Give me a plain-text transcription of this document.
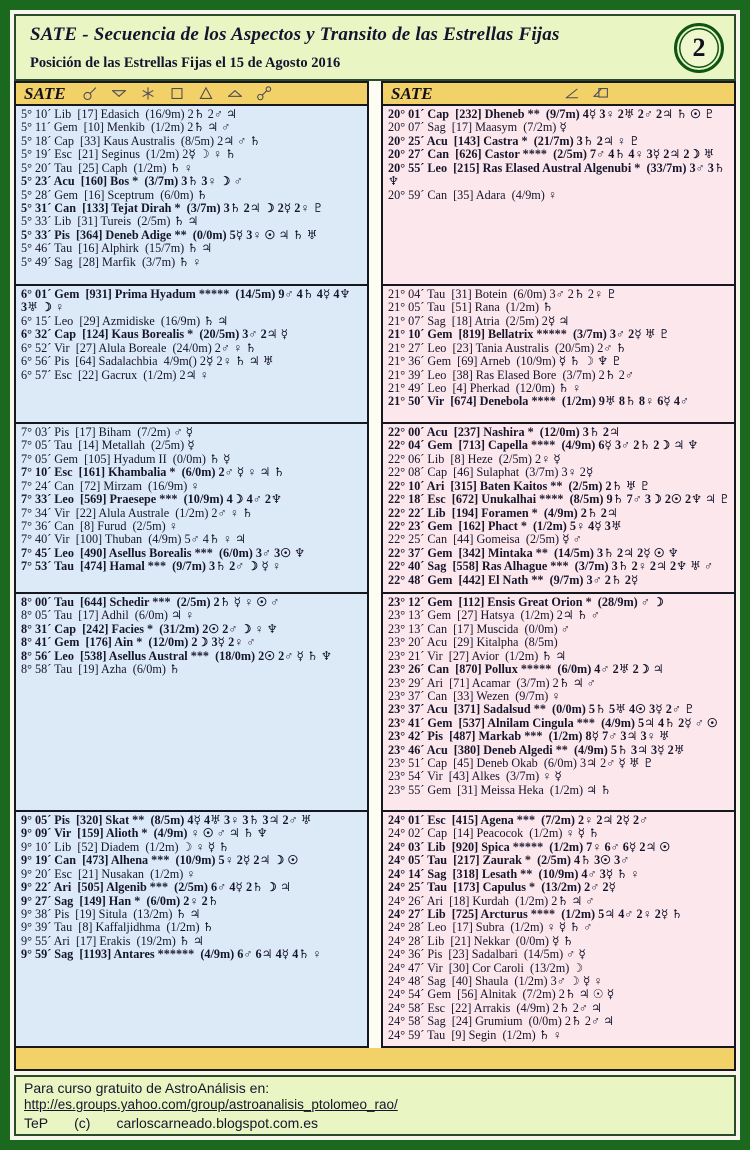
SATE - Secuencia de los Aspectos y Transito de las Estrellas Fijas
Posición de las Estrellas Fijas el 15 de Agosto 2016
2
SATE	SATE
5° 10´ Lib  [17] Edasich  (16/9m) 2♄ 2♂ ♃
5° 11´ Gem  [10] Menkib  (1/2m) 2♄ ♃ ♂
5° 18´ Cap  [33] Kaus Australis  (8/5m) 2♃ ♂ ♄
5° 19´ Esc  [21] Seginus  (1/2m) 2☿ ☽ ♀ ♄
5° 20´ Tau  [25] Caph  (1/2m) ♄ ♀
5° 23´ Acu  [160] Bos *  (3/7m) 3♄ 3♀ ☽ ♂
5° 28´ Gem  [16] Sceptrum  (6/0m) ♄
5° 31´ Can  [133] Tejat Dirah *  (3/7m) 3♄ 2♃ ☽ 2☿ 2♀ ♇
5° 33´ Lib  [31] Tureis  (2/5m) ♄ ♃
5° 33´ Pis  [364] Deneb Adige **  (0/0m) 5☿ 3♀ ☉ ♃ ♄ ♅
5° 46´ Tau  [16] Alphirk  (15/7m) ♄ ♃
5° 49´ Sag  [28] Marfik  (3/7m) ♄ ♀
20° 01´ Cap  [232] Dheneb **  (9/7m) 4☿ 3♀ 2♅ 2♂ 2♃ ♄ ☉ ♇
20° 07´ Sag  [17] Maasym  (7/2m) ☿
20° 25´ Acu  [143] Castra *  (21/7m) 3♄ 2♃ ♀ ♇
20° 27´ Can  [626] Castor ****  (2/5m) 7♂ 4♄ 4♀ 3☿ 2♃ 2☽ ♅
20° 55´ Leo  [215] Ras Elased Austral Algenubi *  (33/7m) 3♂ 3♄ ♆
20° 59´ Can  [35] Adara  (4/9m) ♀
6° 01´ Gem  [931] Prima Hyadum *****  (14/5m) 9♂ 4♄ 4☿ 4♆ 3♅ ☽ ♀
6° 15´ Leo  [29] Azmidiske  (16/9m) ♄ ♃
6° 32´ Cap  [124] Kaus Borealis *  (20/5m) 3♂ 2♃ ☿
6° 52´ Vir  [27] Alula Boreale  (24/0m) 2♂ ♀ ♄
6° 56´ Pis  [64] Sadalachbia  4/9m() 2☿ 2♀ ♄ ♃ ♅
6° 57´ Esc  [22] Gacrux  (1/2m) 2♃ ♀
21° 04´ Tau  [31] Botein  (6/0m) 3♂ 2♄ 2♀ ♇
21° 05´ Tau  [51] Rana  (1/2m) ♄
21° 07´ Sag  [18] Atria  (2/5m) 2☿ ♃
21° 10´ Gem  [819] Bellatrix *****  (3/7m) 3♂ 2☿ ♅ ♇
21° 27´ Leo  [23] Tania Australis  (20/5m) 2♂ ♄
21° 36´ Gem  [69] Arneb  (10/9m) ☿ ♄ ☽ ♆ ♇
21° 39´ Leo  [38] Ras Elased Bore  (3/7m) 2♄ 2♂
21° 49´ Leo  [4] Pherkad  (12/0m) ♄ ♀
21° 50´ Vir  [674] Denebola ****  (1/2m) 9♅ 8♄ 8♀ 6☿ 4♂
7° 03´ Pis  [17] Biham  (7/2m) ♂ ☿
7° 05´ Tau  [14] Metallah  (2/5m) ☿
7° 05´ Gem  [105] Hyadum II  (0/0m) ♄ ☿
7° 10´ Esc  [161] Khambalia *  (6/0m) 2♂ ☿ ♀ ♃ ♄
7° 24´ Can  [72] Mirzam  (16/9m) ♀
7° 33´ Leo  [569] Praesepe ***  (10/9m) 4☽ 4♂ 2♆
7° 34´ Vir  [22] Alula Australe  (1/2m) 2♂ ♀ ♄
7° 36´ Can  [8] Furud  (2/5m) ♀
7° 40´ Vir  [100] Thuban  (4/9m) 5♂ 4♄ ♀ ♃
7° 45´ Leo  [490] Asellus Borealis ***  (6/0m) 3♂ 3☉ ♆
7° 53´ Tau  [474] Hamal ***  (9/7m) 3♄ 2♂ ☽ ☿ ♀
22° 00´ Acu  [237] Nashira *  (12/0m) 3♄ 2♃
22° 04´ Gem  [713] Capella ****  (4/9m) 6☿ 3♂ 2♄ 2☽ ♃ ♆
22° 06´ Lib  [8] Heze  (2/5m) 2♀ ☿
22° 08´ Cap  [46] Sulaphat  (3/7m) 3♀ 2☿
22° 10´ Ari  [315] Baten Kaitos **  (2/5m) 2♄ ♅ ♇
22° 18´ Esc  [672] Unukalhai ****  (8/5m) 9♄ 7♂ 3☽ 2☉ 2♆ ♃ ♇
22° 22´ Lib  [194] Foramen *  (4/9m) 2♄ 2♃
22° 23´ Gem  [162] Phact *  (1/2m) 5♀ 4☿ 3♅
22° 25´ Can  [44] Gomeisa  (2/5m) ☿ ♂
22° 37´ Gem  [342] Mintaka **  (14/5m) 3♄ 2♃ 2☿ ☉ ♆
22° 40´ Sag  [558] Ras Alhague ***  (3/7m) 3♄ 2♀ 2♃ 2♆ ♅ ♂
22° 48´ Gem  [442] El Nath **  (9/7m) 3♂ 2♄ 2☿
8° 00´ Tau  [644] Schedir ***  (2/5m) 2♄ ☿ ♀ ☉ ♂
8° 05´ Tau  [17] Adhil  (6/0m) ♃ ♀
8° 31´ Cap  [242] Facies *  (31/2m) 2☉ 2♂ ☽ ♀ ♆
8° 41´ Gem  [176] Ain *  (12/0m) 2☽ 3☿ 2♀ ♂
8° 56´ Leo  [538] Asellus Austral ***  (18/0m) 2☉ 2♂ ☿ ♄ ♆
8° 58´ Tau  [19] Azha  (6/0m) ♄
23° 12´ Gem  [112] Ensis Great Orion *  (28/9m) ♂ ☽
23° 13´ Gem  [27] Hatsya  (1/2m) 2♃ ♄ ♂
23° 13´ Can  [17] Muscida  (0/0m) ♂
23° 20´ Acu  [29] Kitalpha  (8/5m)
23° 21´ Vir  [27] Avior  (1/2m) ♄ ♃
23° 26´ Can  [870] Pollux *****  (6/0m) 4♂ 2♅ 2☽ ♃
23° 29´ Ari  [71] Acamar  (3/7m) 2♄ ♃ ♂
23° 37´ Can  [33] Wezen  (9/7m) ♀
23° 37´ Acu  [371] Sadalsud **  (0/0m) 5♄ 5♅ 4☉ 3☿ 2♂ ♇
23° 41´ Gem  [537] Alnilam Cingula ***  (4/9m) 5♃ 4♄ 2☿ ♂ ☉
23° 42´ Pis  [487] Markab ***  (1/2m) 8☿ 7♂ 3♃ 3♀ ♅
23° 46´ Acu  [380] Deneb Algedi **  (4/9m) 5♄ 3♃ 3☿ 2♅
23° 51´ Cap  [45] Deneb Okab  (6/0m) 3♃ 2♂ ☿ ♅ ♇
23° 54´ Vir  [43] Alkes  (3/7m) ♀ ☿
23° 55´ Gem  [31] Meissa Heka  (1/2m) ♃ ♄
9° 05´ Pis  [320] Skat **  (8/5m) 4☿ 4♅ 3♀ 3♄ 3♃ 2♂ ♅
9° 09´ Vir  [159] Alioth *  (4/9m) ♀ ☉ ♂ ♃ ♄ ♆
9° 10´ Lib  [52] Diadem  (1/2m) ☽ ♀ ☿ ♄
9° 19´ Can  [473] Alhena ***  (10/9m) 5♀ 2☿ 2♃ ☽ ☉
9° 20´ Esc  [21] Nusakan  (1/2m) ♀
9° 22´ Ari  [505] Algenib ***  (2/5m) 6♂ 4☿ 2♄ ☽ ♃
9° 27´ Sag  [149] Han *  (6/0m) 2♀ 2♄
9° 38´ Pis  [19] Situla  (13/2m) ♄ ♃
9° 39´ Tau  [8] Kaffaljidhma  (1/2m) ♄
9° 55´ Ari  [17] Erakis  (19/2m) ♄ ♃
9° 59´ Sag  [1193] Antares ******  (4/9m) 6♂ 6♃ 4☿ 4♄ ♀
24° 01´ Esc  [415] Agena ***  (7/2m) 2♀ 2♃ 2☿ 2♂
24° 02´ Cap  [14] Peacocok  (1/2m) ♀ ☿ ♄
24° 03´ Lib  [920] Spica *****  (1/2m) 7♀ 6♂ 6☿ 2♃ ☉
24° 05´ Tau  [217] Zaurak *  (2/5m) 4♄ 3☉ 3♂
24° 14´ Sag  [318] Lesath **  (10/9m) 4♂ 3☿ ♄ ♀
24° 25´ Tau  [173] Capulus *  (13/2m) 2♂ 2☿
24° 26´ Ari  [18] Kurdah  (1/2m) 2♄ ♃ ♂
24° 27´ Lib  [725] Arcturus ****  (1/2m) 5♃ 4♂ 2♀ 2☿ ♄
24° 28´ Leo  [17] Subra  (1/2m) ♀ ☿ ♄ ♂
24° 28´ Lib  [21] Nekkar  (0/0m) ☿ ♄
24° 36´ Pis  [23] Sadalbari  (14/5m) ♂ ☿
24° 47´ Vir  [30] Cor Caroli  (13/2m) ☽
24° 48´ Sag  [40] Shaula  (1/2m) 3♂ ☽ ☿ ♀
24° 54´ Gem  [56] Alnitak  (7/2m) 2♄ ♃ ☉ ☿
24° 58´ Esc  [22] Arrakis  (4/9m) 2♄ 2♂ ♃
24° 58´ Sag  [24] Grumium  (0/0m) 2♄ 2♂ ♃
24° 59´ Tau  [9] Segin  (1/2m) ♄ ♀
Para curso gratuito de AstroAnálisis en:
http://es.groups.yahoo.com/group/astroanalisis_ptolomeo_rao/
TeP (c) carloscarneado.blogspot.com.es
